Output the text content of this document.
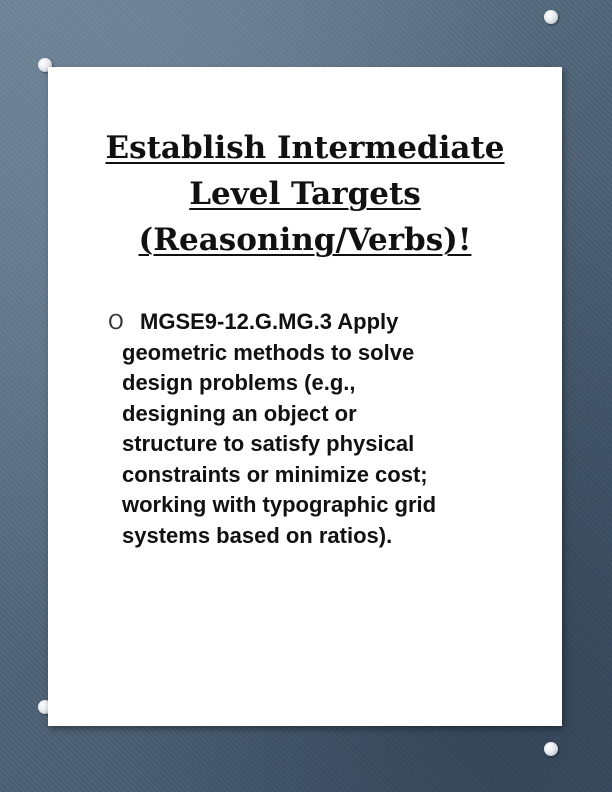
Establish Intermediate
Level Targets
(Reasoning/Verbs)!
O MGSE9-12.G.MG.3 Apply
geometric methods to solve
design problems (e.g.,
designing an object or
structure to satisfy physical
constraints or minimize cost;
working with typographic grid
systems based on ratios).
